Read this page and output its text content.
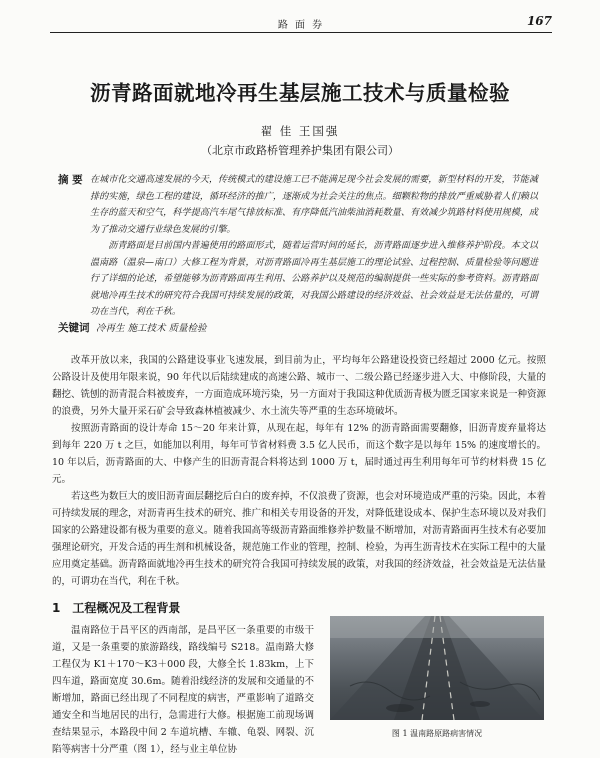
路 面 券	167
沥青路面就地冷再生基层施工技术与质量检验
翟 佳 王国强
（北京市政路桥管理养护集团有限公司）
摘 要 在城市化交通高速发展的今天，传统模式的建设施工已不能满足现今社会发展的需要，新型材料的开发，节能减排的实施，绿色工程的建设，循环经济的推广，逐渐成为社会关注的焦点。细颗粒物的排放严重威胁着人们赖以生存的蓝天和空气，科学提高汽车尾气排放标准、有序降低汽油柴油消耗数量、有效减少筑路材料使用规模，成为了推动交通行业绿色发展的引擎。

沥青路面是目前国内普遍使用的路面形式，随着运营时间的延长，沥青路面逐步进入维修养护阶段。本文以温南路（温泉—南口）大修工程为背景，对沥青路面冷再生基层施工的理论试验、过程控制、质量检验等问题进行了详细的论述，希望能够为沥青路面再生利用、公路养护以及规范的编制提供一些实际的参考资料。沥青路面就地冷再生技术的研究符合我国可持续发展的政策，对我国公路建设的经济效益、社会效益是无法估量的，可谓功在当代，利在千秋。

关键词 冷再生 施工技术 质量检验

改革开放以来，我国的公路建设事业飞速发展，到目前为止，平均每年公路建设投资已经超过 2000 亿元。按照公路设计及使用年限来说，90 年代以后陆续建成的高速公路、城市一、二级公路已经逐步进入大、中修阶段，大量的翻挖、铣刨的沥青混合料被废弃，一方面造成环境污染，另一方面对于我国这种优质沥青极为匮乏国家来说是一种资源的浪费，另外大量开采石矿会导致森林植被减少、水土流失等严重的生态环境破坏。

按照沥青路面的设计寿命 15～20 年来计算，从现在起，每年有 12% 的沥青路面需要翻修，旧沥青废弃量将达到每年 220 万 t 之巨，如能加以利用，每年可节省材料费 3.5 亿人民币，而这个数字是以每年 15% 的速度增长的。10 年以后，沥青路面的大、中修产生的旧沥青混合料将达到 1000 万 t，届时通过再生利用每年可节约材料费 15 亿元。

若这些为数巨大的废旧沥青面层翻挖后白白的废弃掉，不仅浪费了资源，也会对环境造成严重的污染。因此，本着可持续发展的理念，对沥青再生技术的研究、推广和相关专用设备的开发，对降低建设成本、保护生态环境以及对我们国家的公路建设都有极为重要的意义。随着我国高等级沥青路面维修养护数量不断增加，对沥青路面再生技术有必要加强理论研究，开发合适的再生剂和机械设备，规范施工作业的管理，控制、检验，为再生沥青技术在实际工程中的大量应用奠定基础。沥青路面就地冷再生技术的研究符合我国可持续发展的政策，对我国的经济效益，社会效益是无法估量的，可谓功在当代，利在千秋。

1 工程概况及工程背景

温南路位于昌平区的西南部，是昌平区一条重要的市级干道，又是一条重要的旅游路线，路线编号 S218。温南路大修工程仅为 K1＋170～K3＋000 段，大修全长 1.83km，上下四车道，路面宽度 30.6m。随着沿线经济的发展和交通量的不断增加，路面已经出现了不同程度的病害，严重影响了道路交通安全和当地居民的出行，急需进行大修。根据施工前现场调查结果显示，本路段中间 2 车道坑槽、车辙、龟裂、网裂、沉陷等病害十分严重（图 1），经与业主单位协

图 1 温南路原路病害情况
